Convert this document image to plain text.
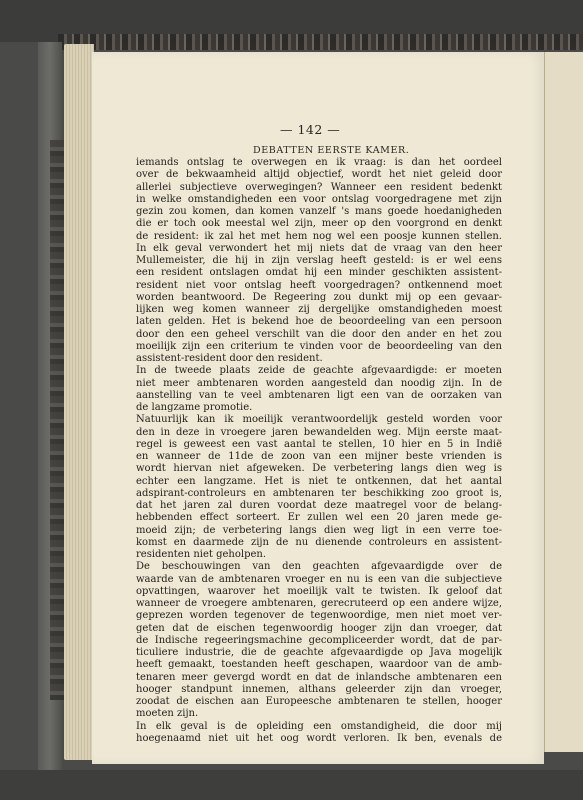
— 142 —
DEBATTEN EERSTE KAMER.
iemands ontslag te overwegen en ik vraag: is dan het oordeel
over de bekwaamheid altijd objectief, wordt het niet geleid door
allerlei subjectieve overwegingen? Wanneer een resident bedenkt
in welke omstandigheden een voor ontslag voorgedragene met zijn
gezin zou komen, dan komen vanzelf 's mans goede hoedanigheden
die er toch ook meestal wel zijn, meer op den voorgrond en denkt
de resident: ik zal het met hem nog wel een poosje kunnen stellen.
In elk geval verwondert het mij niets dat de vraag van den heer
Mullemeister, die hij in zijn verslag heeft gesteld: is er wel eens
een resident ontslagen omdat hij een minder geschikten assistent-
resident niet voor ontslag heeft voorgedragen? ontkennend moet
worden beantwoord. De Regeering zou dunkt mij op een gevaar-
lijken weg komen wanneer zij dergelijke omstandigheden moest
laten gelden. Het is bekend hoe de beoordeeling van een persoon
door den een geheel verschilt van die door den ander en het zou
moeilijk zijn een criterium te vinden voor de beoordeeling van den
assistent-resident door den resident.
In de tweede plaats zeide de geachte afgevaardigde: er moeten
niet meer ambtenaren worden aangesteld dan noodig zijn. In de
aanstelling van te veel ambtenaren ligt een van de oorzaken van
de langzame promotie.
Natuurlijk kan ik moeilijk verantwoordelijk gesteld worden voor
den in deze in vroegere jaren bewandelden weg. Mijn eerste maat-
regel is geweest een vast aantal te stellen, 10 hier en 5 in Indië
en wanneer de 11de de zoon van een mijner beste vrienden is
wordt hiervan niet afgeweken. De verbetering langs dien weg is
echter een langzame. Het is niet te ontkennen, dat het aantal
adspirant-controleurs en ambtenaren ter beschikking zoo groot is,
dat het jaren zal duren voordat deze maatregel voor de belang-
hebbenden effect sorteert. Er zullen wel een 20 jaren mede ge-
moeid zijn; de verbetering langs dien weg ligt in een verre toe-
komst en daarmede zijn de nu dienende controleurs en assistent-
residenten niet geholpen.
De beschouwingen van den geachten afgevaardigde over de
waarde van de ambtenaren vroeger en nu is een van die subjectieve
opvattingen, waarover het moeilijk valt te twisten. Ik geloof dat
wanneer de vroegere ambtenaren, gerecruteerd op een andere wijze,
geprezen worden tegenover de tegenwoordige, men niet moet ver-
geten dat de eischen tegenwoordig hooger zijn dan vroeger, dat
de Indische regeeringsmachine gecompliceerder wordt, dat de par-
ticuliere industrie, die de geachte afgevaardigde op Java mogelijk
heeft gemaakt, toestanden heeft geschapen, waardoor van de amb-
tenaren meer gevergd wordt en dat de inlandsche ambtenaren een
hooger standpunt innemen, althans geleerder zijn dan vroeger,
zoodat de eischen aan Europeesche ambtenaren te stellen, hooger
moeten zijn.
In elk geval is de opleiding een omstandigheid, die door mij
hoegenaamd niet uit het oog wordt verloren. Ik ben, evenals de
